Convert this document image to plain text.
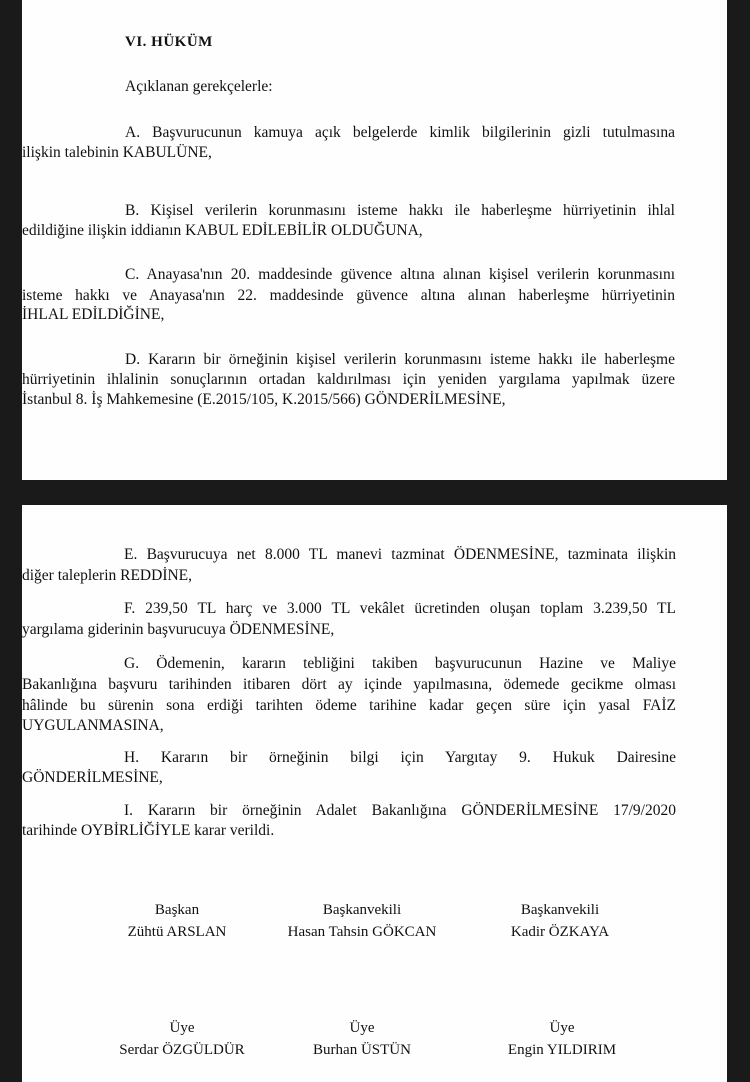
VI. HÜKÜM

Açıklanan gerekçelerle:

A. Başvurucunun kamuya açık belgelerde kimlik bilgilerinin gizli tutulmasına

ilişkin talebinin KABULÜNE,

B. Kişisel verilerin korunmasını isteme hakkı ile haberleşme hürriyetinin ihlal

edildiğine ilişkin iddianın KABUL EDİLEBİLİR OLDUĞUNA,

C. Anayasa'nın 20. maddesinde güvence altına alınan kişisel verilerin korunmasını

isteme hakkı ve Anayasa'nın 22. maddesinde güvence altına alınan haberleşme hürriyetinin

İHLAL EDİLDİĞİNE,

D. Kararın bir örneğinin kişisel verilerin korunmasını isteme hakkı ile haberleşme

hürriyetinin ihlalinin sonuçlarının ortadan kaldırılması için yeniden yargılama yapılmak üzere

İstanbul 8. İş Mahkemesine (E.2015/105, K.2015/566) GÖNDERİLMESİNE,

E. Başvurucuya net 8.000 TL manevi tazminat ÖDENMESİNE, tazminata ilişkin

diğer taleplerin REDDİNE,

F. 239,50 TL harç ve 3.000 TL vekâlet ücretinden oluşan toplam 3.239,50 TL

yargılama giderinin başvurucuya ÖDENMESİNE,

G. Ödemenin, kararın tebliğini takiben başvurucunun Hazine ve Maliye

Bakanlığına başvuru tarihinden itibaren dört ay içinde yapılmasına, ödemede gecikme olması

hâlinde bu sürenin sona erdiği tarihten ödeme tarihine kadar geçen süre için yasal FAİZ

UYGULANMASINA,

H. Kararın bir örneğinin bilgi için Yargıtay 9. Hukuk Dairesine

GÖNDERİLMESİNE,

I. Kararın bir örneğinin Adalet Bakanlığına GÖNDERİLMESİNE 17/9/2020

tarihinde OYBİRLİĞİYLE karar verildi.

Başkan
Zühtü ARSLAN
Başkanvekili
Hasan Tahsin GÖKCAN
Başkanvekili
Kadir ÖZKAYA
Üye
Serdar ÖZGÜLDÜR
Üye
Burhan ÜSTÜN
Üye
Engin YILDIRIM
